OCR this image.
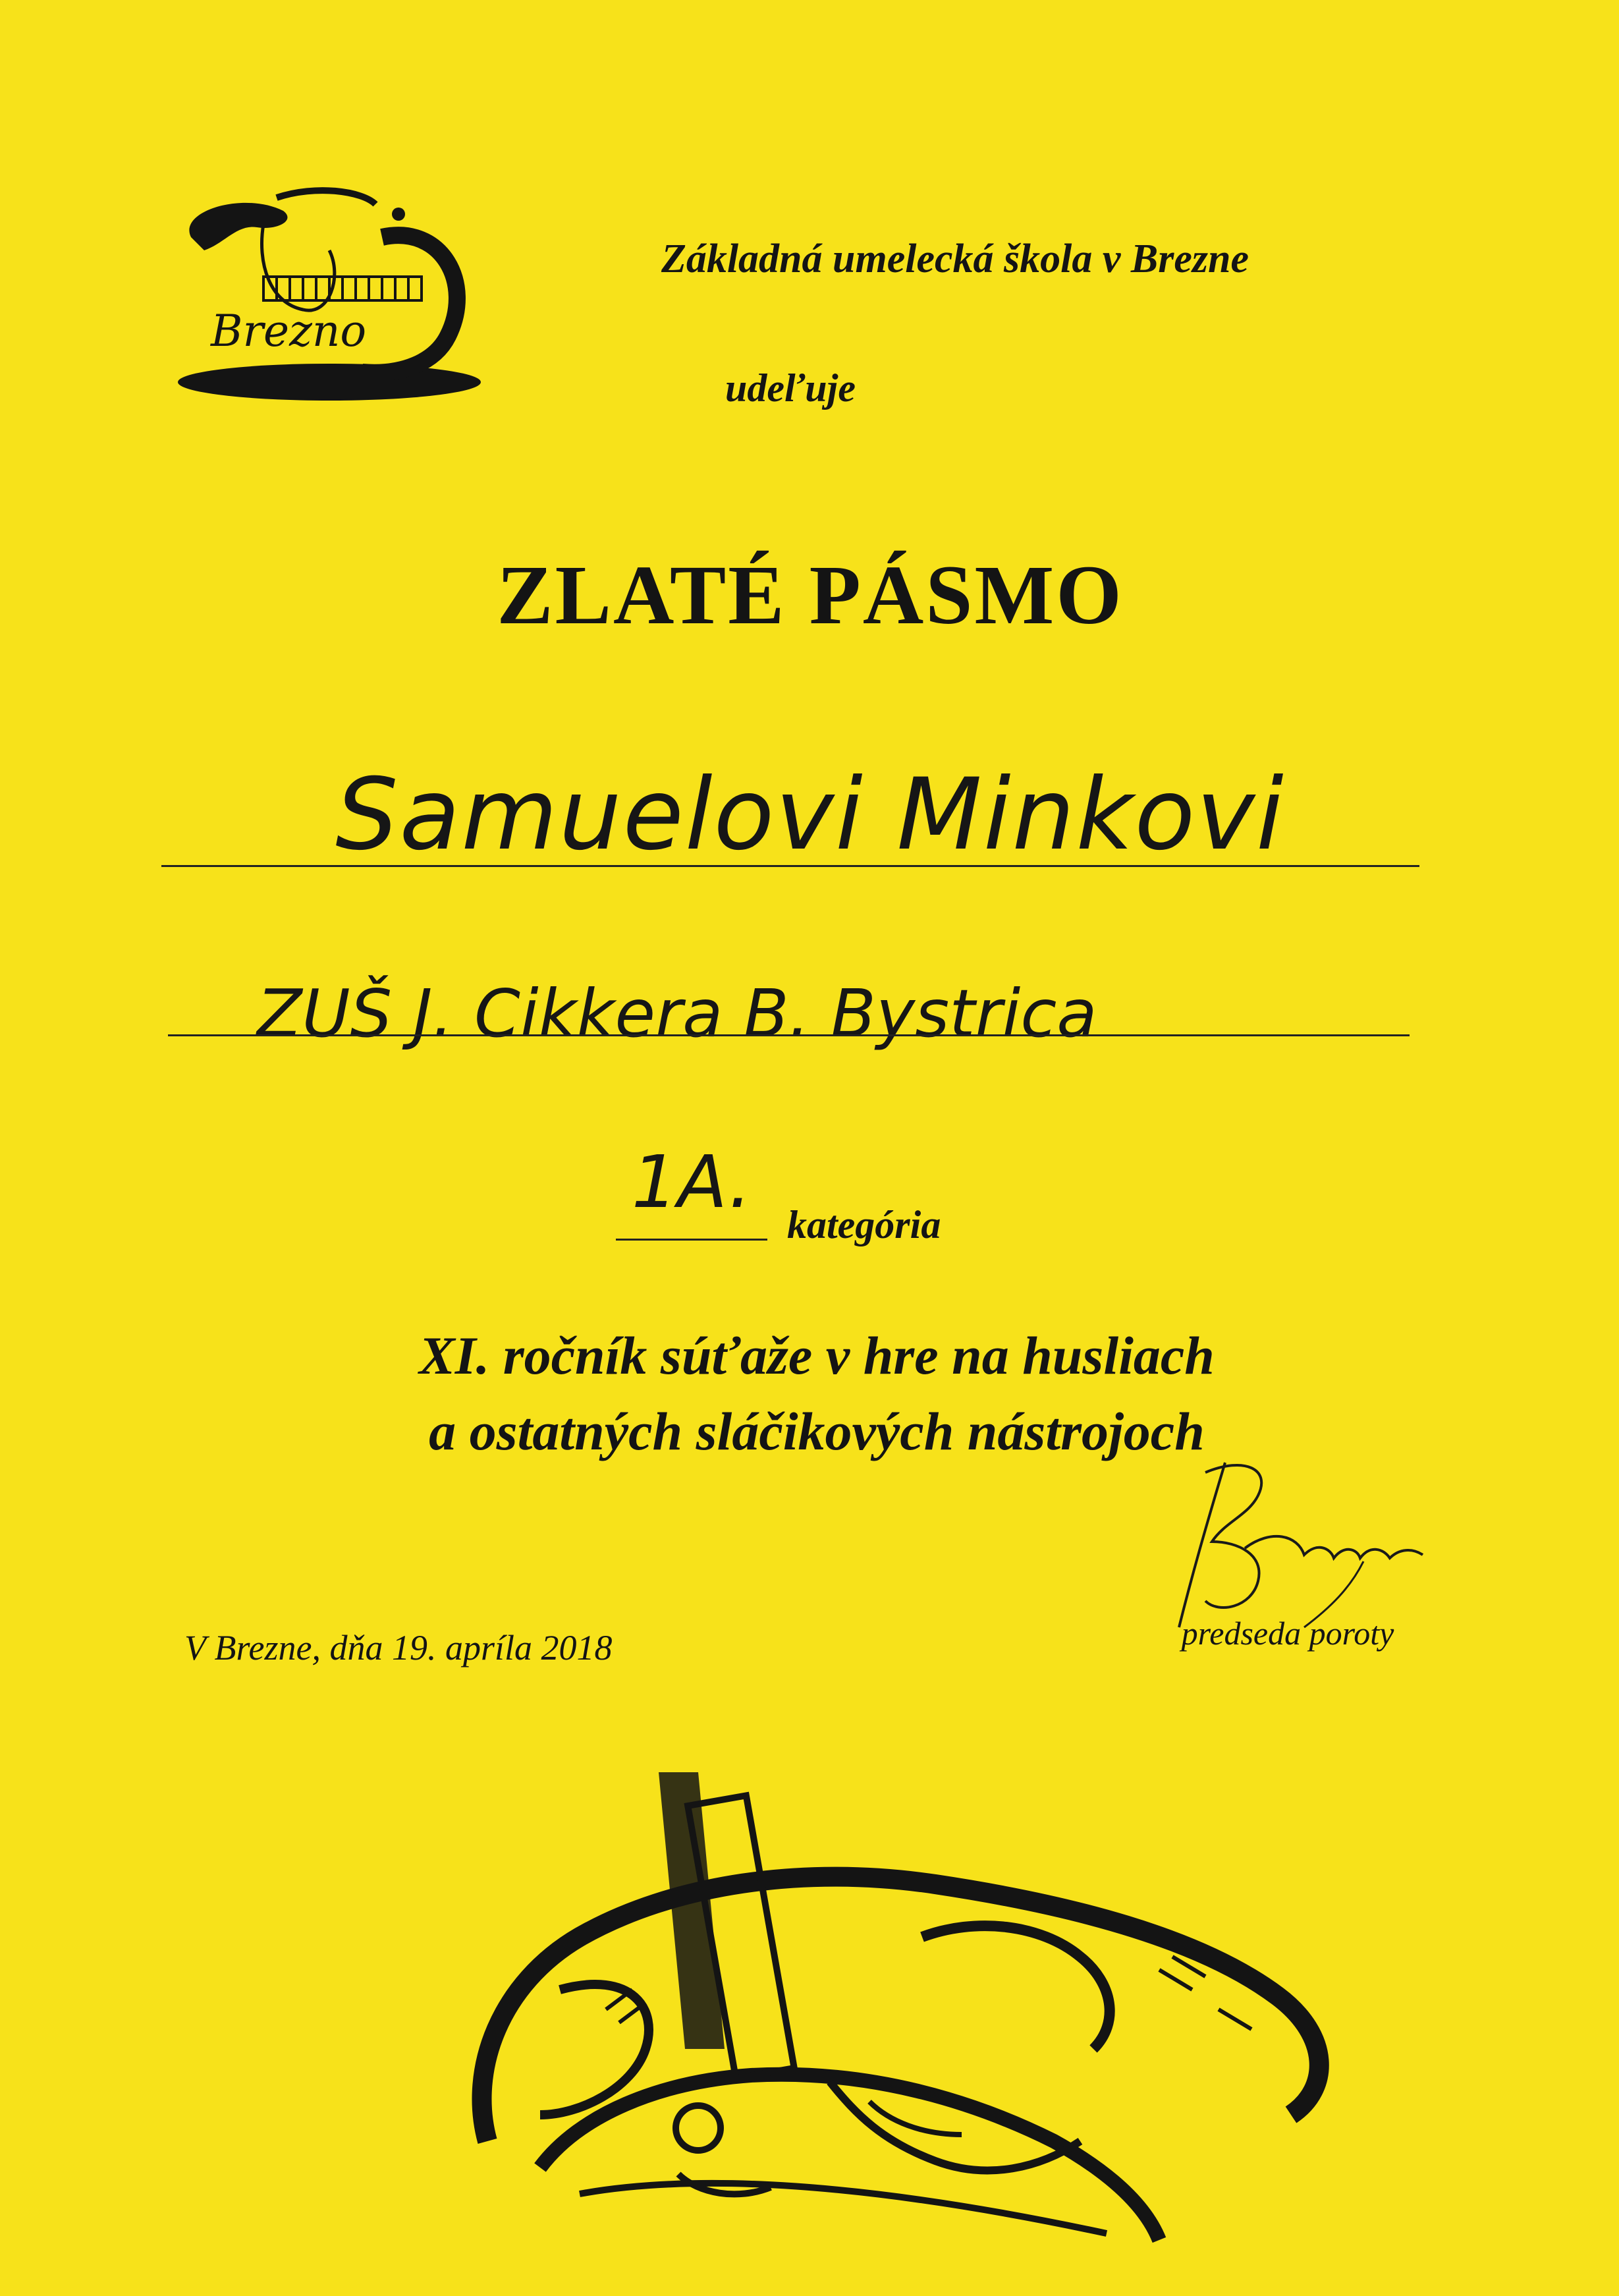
Brezno
Základná umelecká škola v Brezne
udeľuje
ZLATÉ PÁSMO
Samuelovi Minkovi
ZUŠ J. Cikkera B. Bystrica
1A.
kategória
XI. ročník súťaže v hre na husliach
a ostatných sláčikových nástrojoch
V Brezne, dňa 19. apríla 2018	predseda poroty
